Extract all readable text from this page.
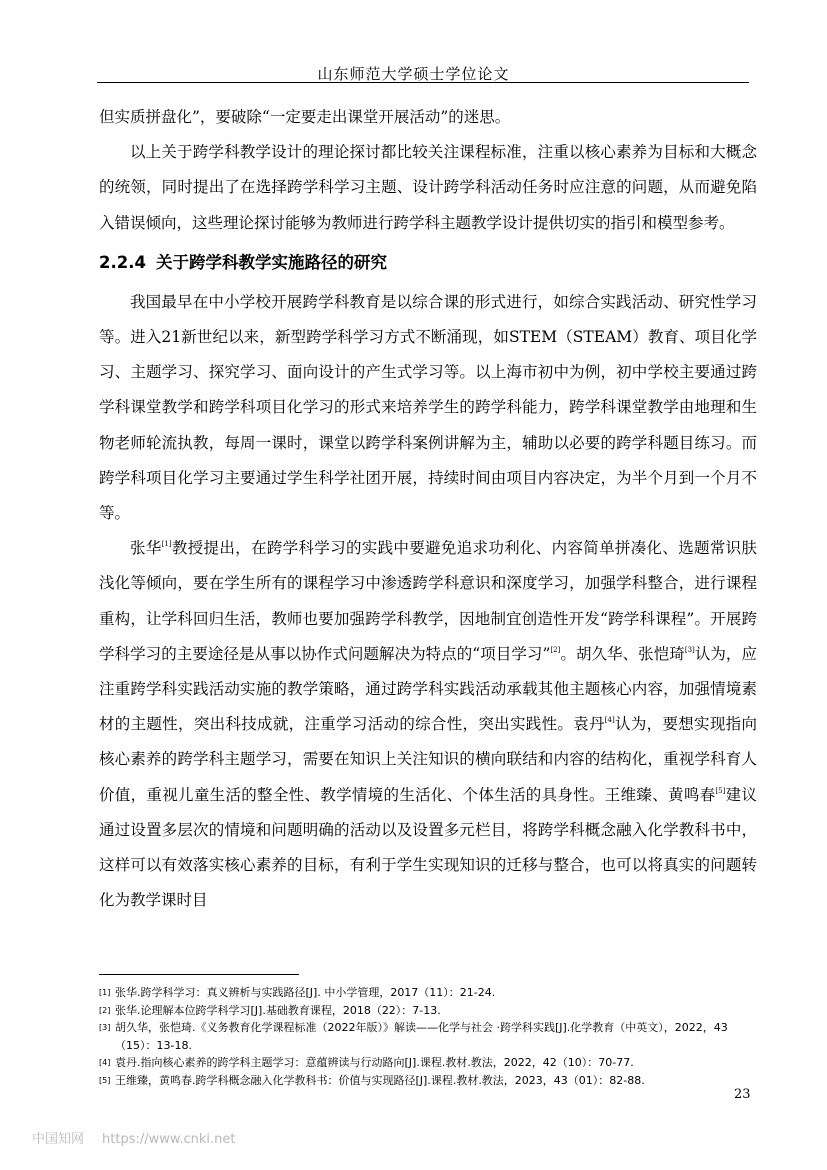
山东师范大学硕士学位论文

但实质拼盘化”，要破除“一定要走出课堂开展活动”的迷思。

以上关于跨学科教学设计的理论探讨都比较关注课程标准，注重以核心素养为目标和大概念的统领，同时提出了在选择跨学科学习主题、设计跨学科活动任务时应注意的问题，从而避免陷入错误倾向，这些理论探讨能够为教师进行跨学科主题教学设计提供切实的指引和模型参考。

2.2.4 关于跨学科教学实施路径的研究

我国最早在中小学校开展跨学科教育是以综合课的形式进行，如综合实践活动、研究性学习等。进入21新世纪以来，新型跨学科学习方式不断涌现，如STEM（STEAM）教育、项目化学习、主题学习、探究学习、面向设计的产生式学习等。以上海市初中为例，初中学校主要通过跨学科课堂教学和跨学科项目化学习的形式来培养学生的跨学科能力，跨学科课堂教学由地理和生物老师轮流执教，每周一课时，课堂以跨学科案例讲解为主，辅助以必要的跨学科题目练习。而跨学科项目化学习主要通过学生科学社团开展，持续时间由项目内容决定，为半个月到一个月不等。

张华[1]教授提出，在跨学科学习的实践中要避免追求功利化、内容简单拼凑化、选题常识肤浅化等倾向，要在学生所有的课程学习中渗透跨学科意识和深度学习，加强学科整合，进行课程重构，让学科回归生活，教师也要加强跨学科教学，因地制宜创造性开发“跨学科课程”。开展跨学科学习的主要途径是从事以协作式问题解决为特点的“项目学习”[2]。胡久华、张恺琦[3]认为，应注重跨学科实践活动实施的教学策略，通过跨学科实践活动承载其他主题核心内容，加强情境素材的主题性，突出科技成就，注重学习活动的综合性，突出实践性。袁丹[4]认为，要想实现指向核心素养的跨学科主题学习，需要在知识上关注知识的横向联结和内容的结构化，重视学科育人价值，重视儿童生活的整全性、教学情境的生活化、个体生活的具身性。王维臻、黄鸣春[5]建议通过设置多层次的情境和问题明确的活动以及设置多元栏目，将跨学科概念融入化学教科书中，这样可以有效落实核心素养的目标，有利于学生实现知识的迁移与整合，也可以将真实的问题转化为教学课时目

[1] 张华.跨学科学习：真义辨析与实践路径[J]. 中小学管理，2017（11）：21-24.
[2] 张华.论理解本位跨学科学习[J].基础教育课程，2018（22）：7-13.
[3] 胡久华，张恺琦.《义务教育化学课程标准（2022年版）》解读——化学与社会 ·跨学科实践[J].化学教育（中英文），2022，43（15）：13-18.
[4] 袁丹.指向核心素养的跨学科主题学习：意蕴辨读与行动路向[J].课程.教材.教法，2022，42（10）：70-77.
[5] 王维臻，黄鸣春.跨学科概念融入化学教科书：价值与实现路径[J].课程.教材.教法，2023，43（01）：82-88.
23
中国知网 https://www.cnki.net
